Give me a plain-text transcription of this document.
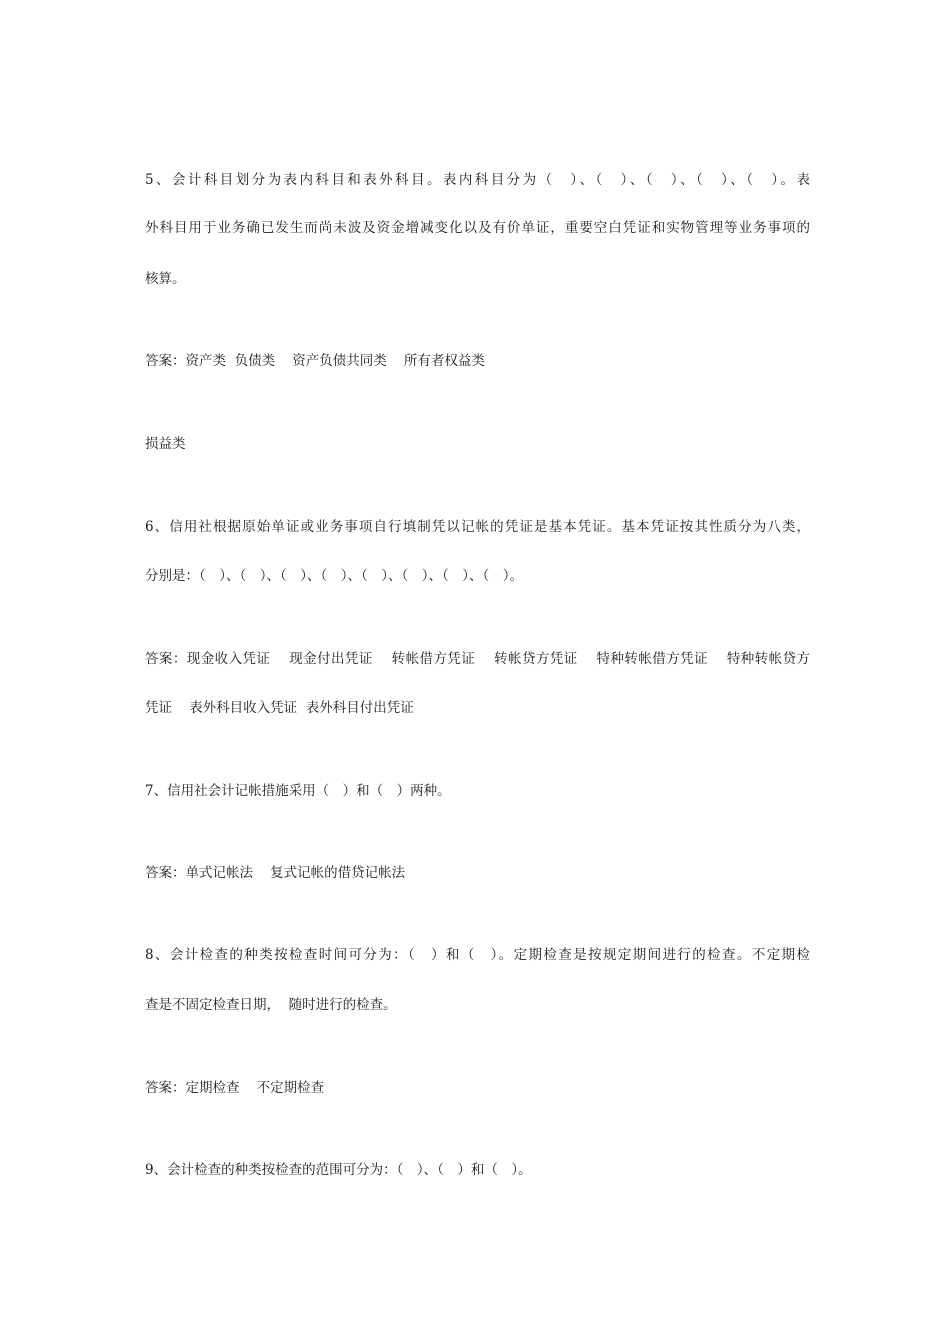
5、会计科目划分为表内科目和表外科目。表内科目分为（　）、（　）、（　）、（　）、（　）。表
外科目用于业务确已发生而尚未波及资金增减变化以及有价单证，重要空白凭证和实物管理等业务事项的
核算。
答案：资产类  负债类    资产负债共同类    所有者权益类
损益类
6、信用社根据原始单证或业务事项自行填制凭以记帐的凭证是基本凭证。基本凭证按其性质分为八类，
分别是：（　）、（　）、（　）、（　）、（　）、（　）、（　）、（　）。
答案：现金收入凭证    现金付出凭证    转帐借方凭证    转帐贷方凭证    特种转帐借方凭证    特种转帐贷方
凭证    表外科目收入凭证  表外科目付出凭证
7、信用社会计记帐措施采用（　）和（　）两种。
答案：单式记帐法    复式记帐的借贷记帐法
8、会计检查的种类按检查时间可分为：（　）和（　）。定期检查是按规定期间进行的检查。不定期检
查是不固定检查日期，  随时进行的检查。
答案：定期检查    不定期检查
9、会计检查的种类按检查的范围可分为：（　）、（　）和（　）。
